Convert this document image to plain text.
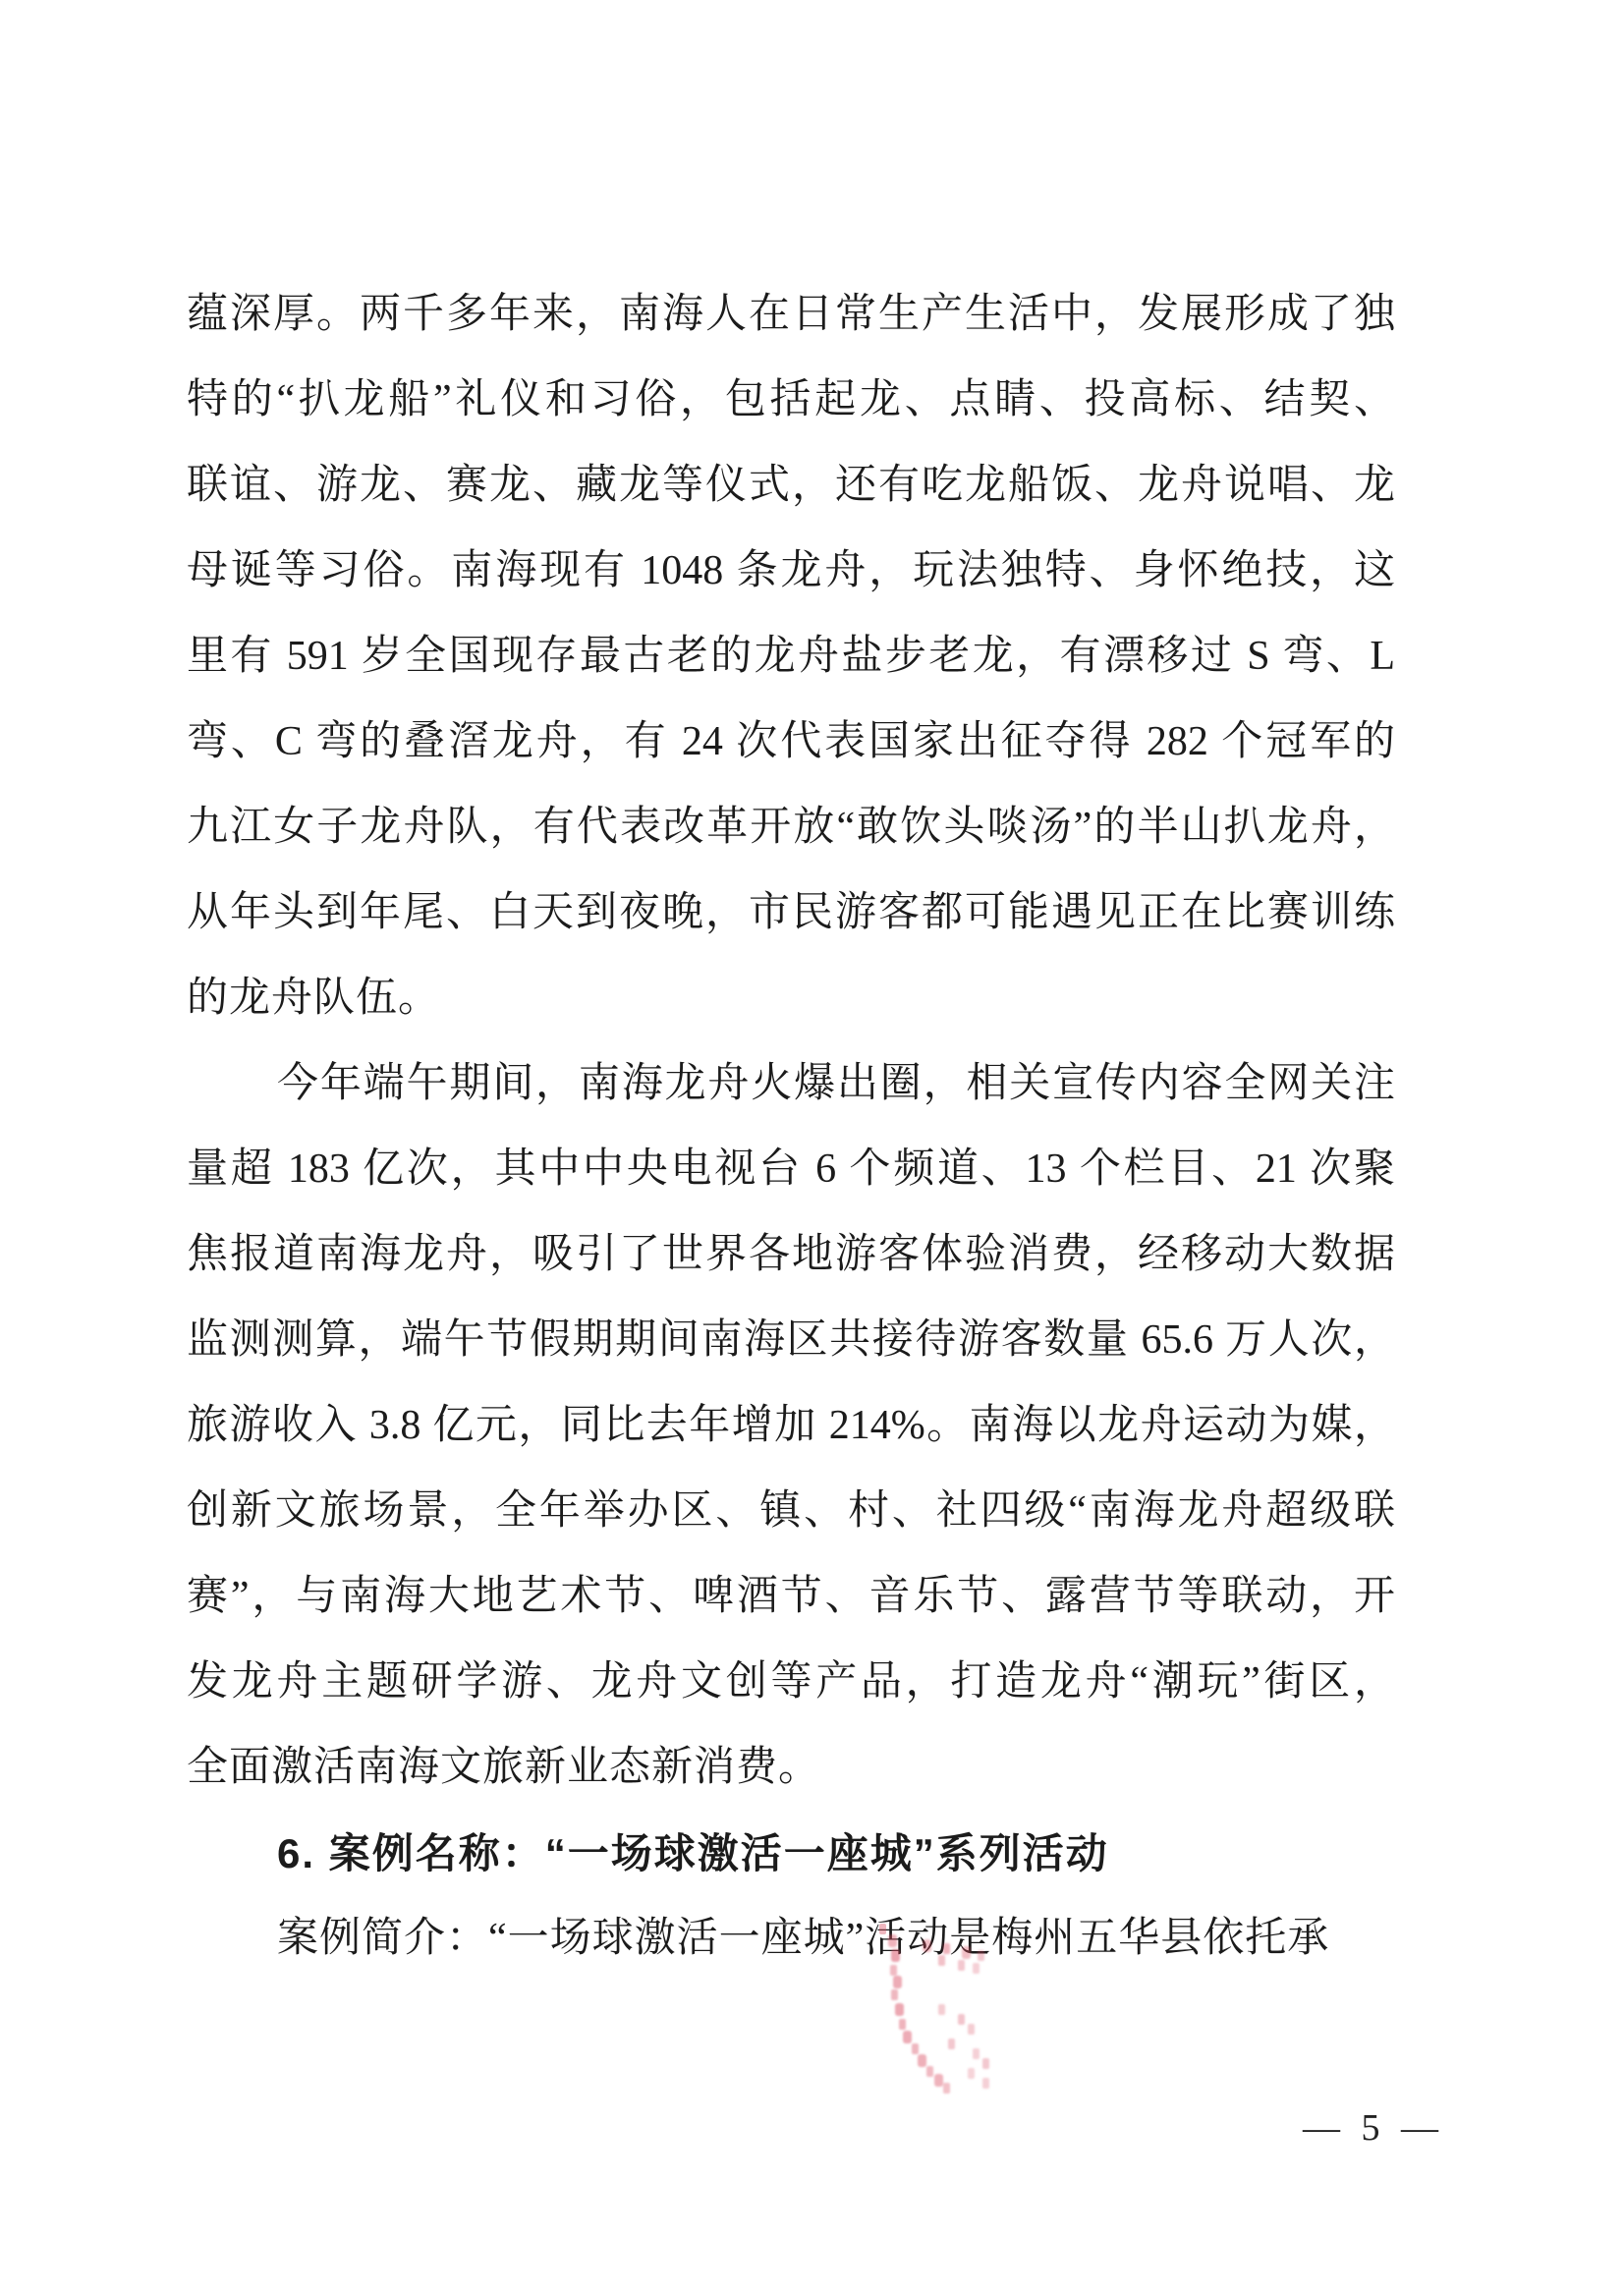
蕴深厚。两千多年来，南海人在日常生产生活中，发展形成了独
特的“扒龙船”礼仪和习俗，包括起龙、点睛、投高标、结契、
联谊、游龙、赛龙、藏龙等仪式，还有吃龙船饭、龙舟说唱、龙
母诞等习俗。南海现有 1048 条龙舟，玩法独特、身怀绝技，这
里有 591 岁全国现存最古老的龙舟盐步老龙，有漂移过 S 弯、L
弯、C 弯的叠滘龙舟，有 24 次代表国家出征夺得 282 个冠军的
九江女子龙舟队，有代表改革开放“敢饮头啖汤”的半山扒龙舟，
从年头到年尾、白天到夜晚，市民游客都可能遇见正在比赛训练
的龙舟队伍。
今年端午期间，南海龙舟火爆出圈，相关宣传内容全网关注
量超 183 亿次，其中中央电视台 6 个频道、13 个栏目、21 次聚
焦报道南海龙舟，吸引了世界各地游客体验消费，经移动大数据
监测测算，端午节假期期间南海区共接待游客数量 65.6 万人次，
旅游收入 3.8 亿元，同比去年增加 214%。南海以龙舟运动为媒，
创新文旅场景，全年举办区、镇、村、社四级“南海龙舟超级联
赛”，与南海大地艺术节、啤酒节、音乐节、露营节等联动，开
发龙舟主题研学游、龙舟文创等产品，打造龙舟“潮玩”街区，
全面激活南海文旅新业态新消费。
6. 案例名称：“一场球激活一座城”系列活动
案例简介：“一场球激活一座城”活动是梅州五华县依托承
— 5 —
